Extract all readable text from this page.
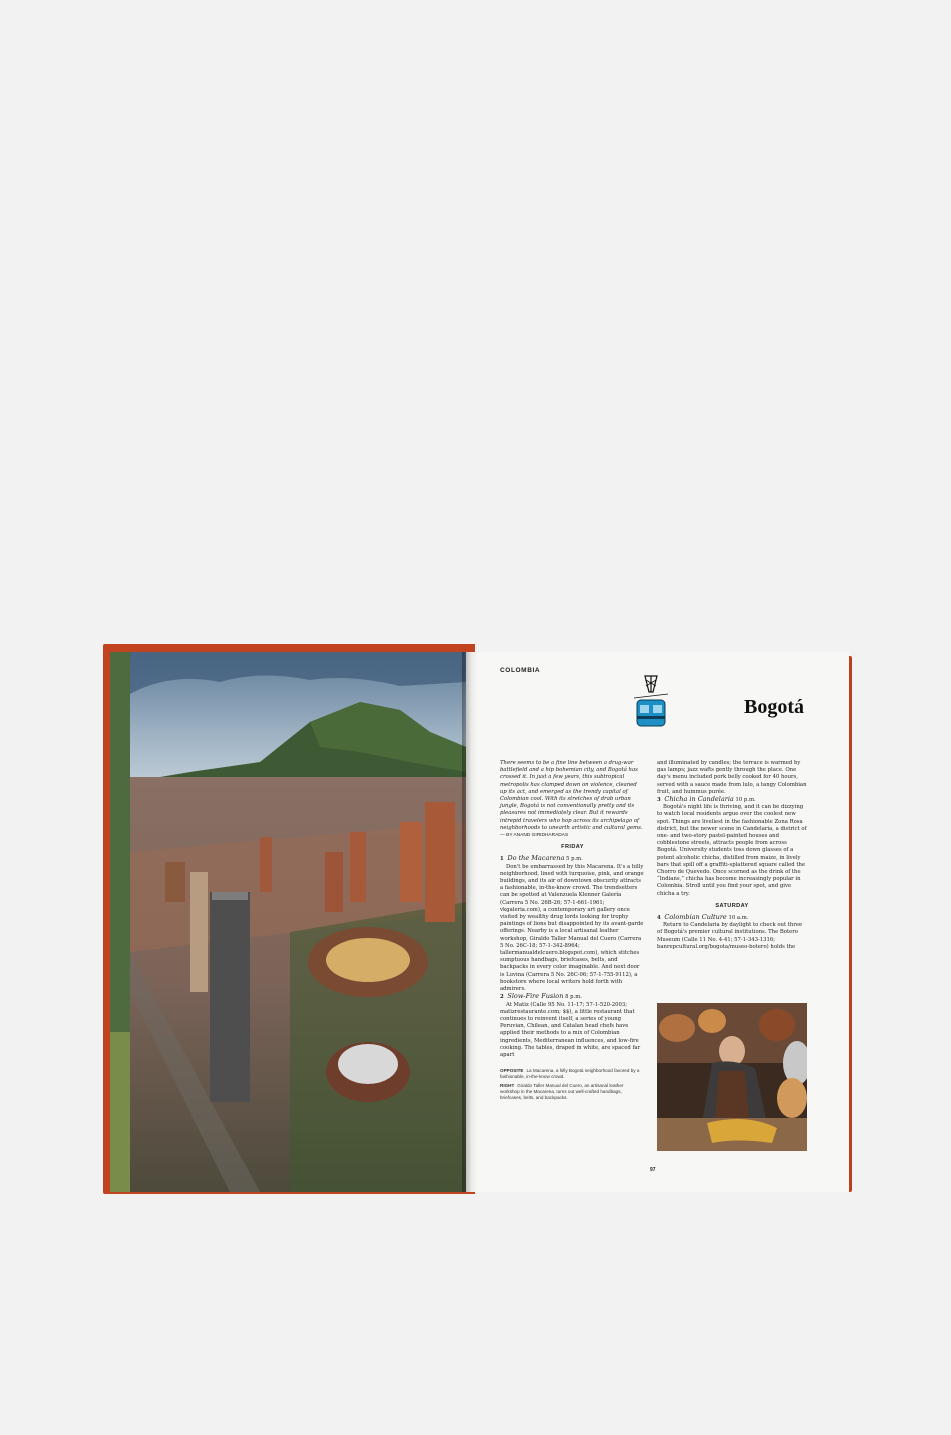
COLOMBIA
Bogotá

There seems to be a fine line between a drug-war battlefield and a hip bohemian city, and Bogotá has crossed it. In just a few years, this subtropical metropolis has clamped down on violence, cleaned up its act, and emerged as the trendy capital of Colombian cool. With its stretches of drab urban jungle, Bogotá is not conventionally pretty and its pleasures not immediately clear. But it rewards intrepid travelers who hop across its archipelago of neighborhoods to unearth artistic and cultural gems.

— BY ANAND GIRIDHARADAS

FRIDAY

1 Do the Macarena 5 p.m.

Don't be embarrassed by this Macarena. It's a hilly neighborhood, lined with turquoise, pink, and orange buildings, and its air of downtown obscurity attracts a fashionable, in-the-know crowd. The trendsetters can be spotted at Valenzuela Klenner Galería (Carrera 5 No. 26B-26; 57-1-661-1961; vkgaleria.com), a contemporary art gallery once visited by wealthy drug lords looking for trophy paintings of lions but disappointed by its avant-garde offerings. Nearby is a local artisanal leather workshop, Giraldo Taller Manual del Cuero (Carrera 5 No. 26C-18; 57-1-342-8964; tallermanualdelcuero.blogspot.com), which stitches sumptuous handbags, briefcases, belts, and backpacks in every color imaginable. And next door is Luvina (Carrera 5 No. 26C-06; 57-1-755-9112), a bookstore where local writers hold forth with admirers.

2 Slow-Fire Fusion 8 p.m.

At Matiz (Calle 95 No. 11-17; 57-1-520-2003; matizrestaurante.com; $$), a little restaurant that continues to reinvent itself, a series of young Peruvian, Chilean, and Catalan head chefs have applied their methods to a mix of Colombian ingredients, Mediterranean influences, and low-fire cooking. The tables, draped in white, are spaced far apart

and illuminated by candles; the terrace is warmed by gas lamps; jazz wafts gently through the place. One day's menu included pork belly cooked for 40 hours, served with a sauce made from lulo, a tangy Colombian fruit, and hummus purée.

3 Chicha in Candelaria 10 p.m.

Bogotá's night life is thriving, and it can be dizzying to watch local residents argue over the coolest new spot. Things are liveliest in the fashionable Zona Rosa district, but the newer scene in Candelaria, a district of one- and two-story pastel-painted houses and cobblestone streets, attracts people from across Bogotá. University students toss down glasses of a potent alcoholic chicha, distilled from maize, in lively bars that spill off a graffiti-splattered square called the Chorro de Quevedo. Once scorned as the drink of the “Indians,” chicha has become increasingly popular in Colombia. Stroll until you find your spot, and give chicha a try.

SATURDAY

4 Colombian Culture 10 a.m.

Return to Candelaria by daylight to check out three of Bogotá's premier cultural institutions. The Botero Museum (Calle 11 No. 4-41; 57-1-343-1316; banrepcultural.org/bogota/museo-botero) holds the

OPPOSITE La Macarena, a hilly Bogotá neighborhood favored by a fashionable, in-the-know crowd.

RIGHT Giraldo Taller Manual del Cuero, an artisanal leather workshop in the Macarena, turns out well-crafted handbags, briefcases, belts, and backpacks.

97
